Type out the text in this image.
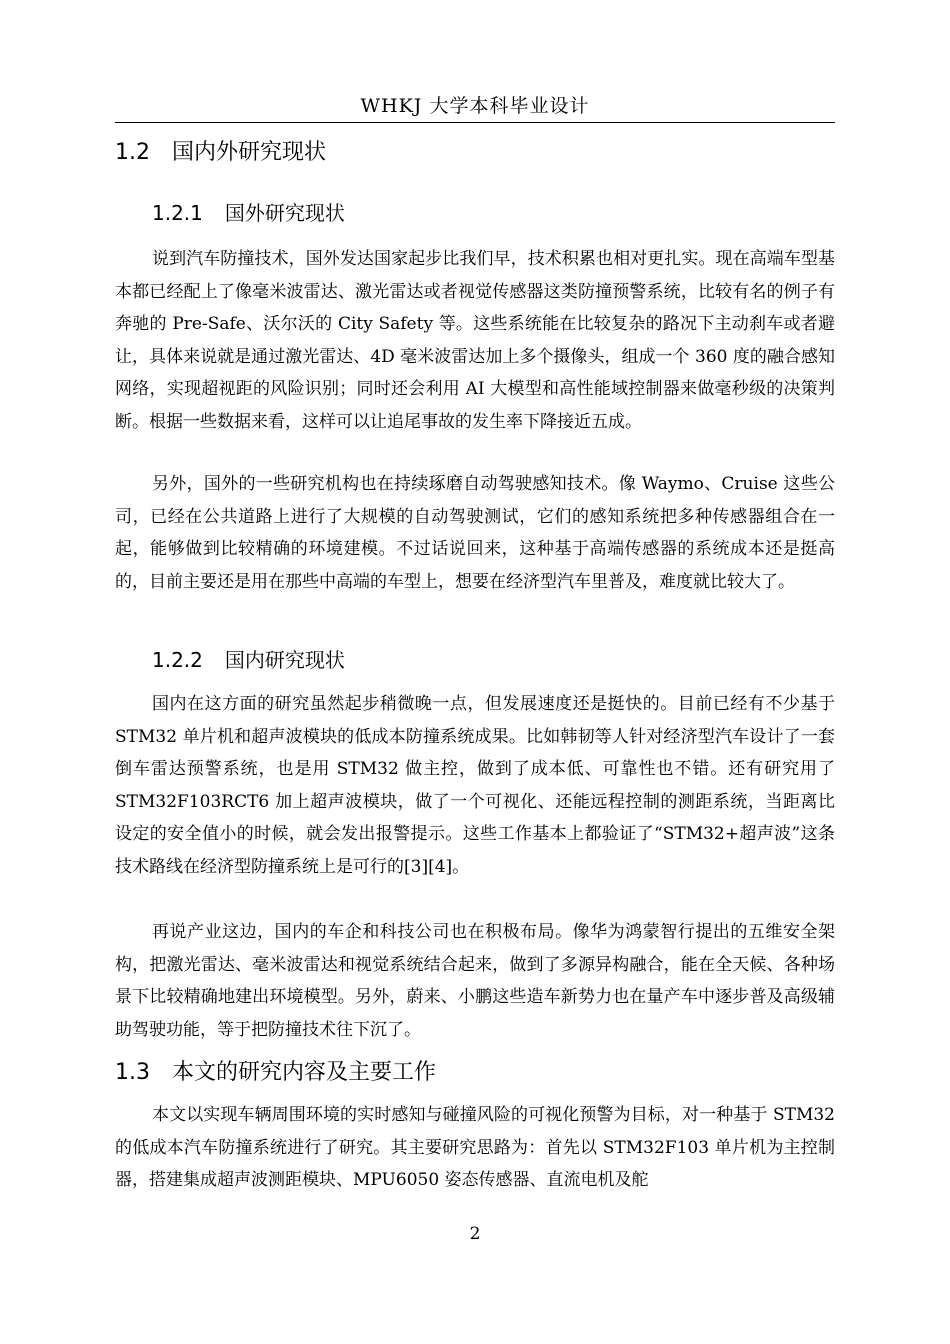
WHKJ 大学本科毕业设计
1.2 国内外研究现状
1.2.1 国外研究现状

说到汽车防撞技术，国外发达国家起步比我们早，技术积累也相对更扎实。现在高端车型基本都已经配上了像毫米波雷达、激光雷达或者视觉传感器这类防撞预警系统，比较有名的例子有奔驰的 Pre-Safe、沃尔沃的 City Safety 等。这些系统能在比较复杂的路况下主动刹车或者避让，具体来说就是通过激光雷达、4D 毫米波雷达加上多个摄像头，组成一个 360 度的融合感知网络，实现超视距的风险识别；同时还会利用 AI 大模型和高性能域控制器来做毫秒级的决策判断。根据一些数据来看，这样可以让追尾事故的发生率下降接近五成。

另外，国外的一些研究机构也在持续琢磨自动驾驶感知技术。像 Waymo、Cruise 这些公司，已经在公共道路上进行了大规模的自动驾驶测试，它们的感知系统把多种传感器组合在一起，能够做到比较精确的环境建模。不过话说回来，这种基于高端传感器的系统成本还是挺高的，目前主要还是用在那些中高端的车型上，想要在经济型汽车里普及，难度就比较大了。

1.2.2 国内研究现状

国内在这方面的研究虽然起步稍微晚一点，但发展速度还是挺快的。目前已经有不少基于 STM32 单片机和超声波模块的低成本防撞系统成果。比如韩韧等人针对经济型汽车设计了一套倒车雷达预警系统，也是用 STM32 做主控，做到了成本低、可靠性也不错。还有研究用了 STM32F103RCT6 加上超声波模块，做了一个可视化、还能远程控制的测距系统，当距离比设定的安全值小的时候，就会发出报警提示。这些工作基本上都验证了“STM32+超声波”这条技术路线在经济型防撞系统上是可行的[3][4]。

再说产业这边，国内的车企和科技公司也在积极布局。像华为鸿蒙智行提出的五维安全架构，把激光雷达、毫米波雷达和视觉系统结合起来，做到了多源异构融合，能在全天候、各种场景下比较精确地建出环境模型。另外，蔚来、小鹏这些造车新势力也在量产车中逐步普及高级辅助驾驶功能，等于把防撞技术往下沉了。

1.3 本文的研究内容及主要工作

本文以实现车辆周围环境的实时感知与碰撞风险的可视化预警为目标，对一种基于 STM32 的低成本汽车防撞系统进行了研究。其主要研究思路为：首先以 STM32F103 单片机为主控制器，搭建集成超声波测距模块、MPU6050 姿态传感器、直流电机及舵

2
